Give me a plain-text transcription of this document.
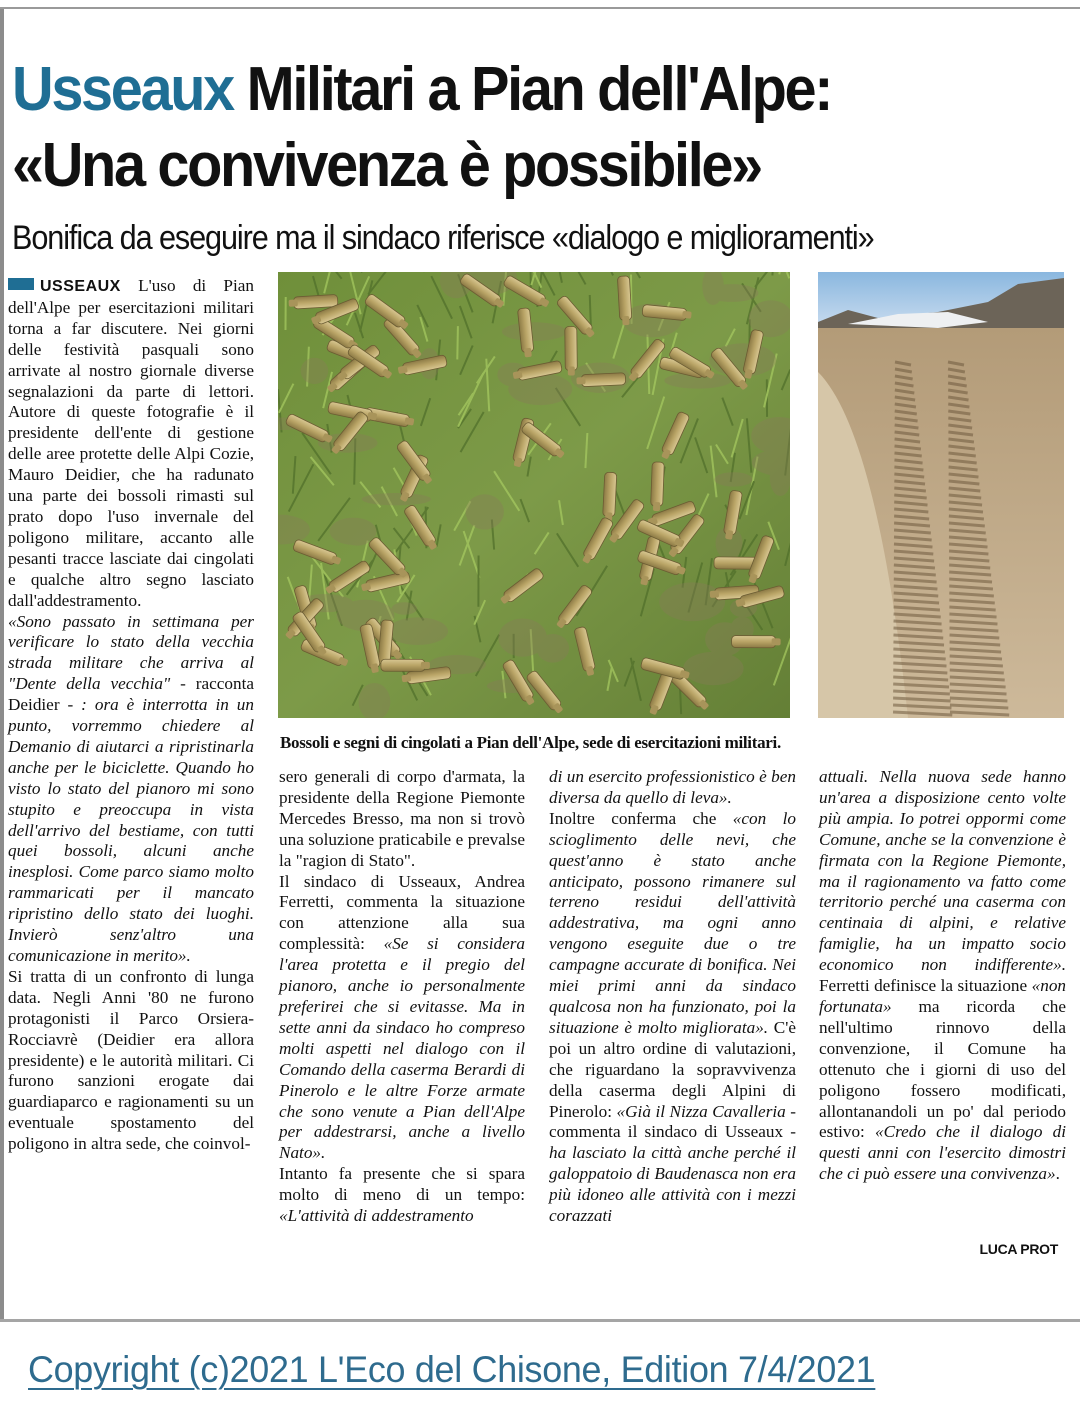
Usseaux Militari a Pian dell'Alpe:
«Una convivenza è possibile»
Bonifica da eseguire ma il sindaco riferisce «dialogo e miglioramenti»

USSEAUX L'uso di Pian dell'Alpe per esercitazioni militari torna a far discutere. Nei giorni delle festività pasquali sono arrivate al nostro giornale diverse segnalazioni da parte di lettori. Autore di queste fotografie è il presidente dell'ente di gestione delle aree protette delle Alpi Cozie, Mauro Deidier, che ha radunato una parte dei bossoli rimasti sul prato dopo l'uso invernale del poligono militare, accanto alle pesanti tracce lasciate dai cingolati e qualche altro segno lasciato dall'addestramento.

«Sono passato in settimana per verificare lo stato della vecchia strada militare che arriva al "Dente della vecchia" - racconta Deidier - : ora è interrotta in un punto, vorremmo chiedere al Demanio di aiutarci a ripristinarla anche per le biciclette. Quando ho visto lo stato del pianoro mi sono stupito e preoccupa in vista dell'arrivo del bestiame, con tutti quei bossoli, alcuni anche inesplosi. Come parco siamo molto rammaricati per il mancato ripristino dello stato dei luoghi. Invierò senz'altro una comunicazione in merito».

Si tratta di un confronto di lunga data. Negli Anni '80 ne furono protagonisti il Parco Orsiera-Rocciavrè (Deidier era allora presidente) e le autorità militari. Ci furono sanzioni erogate dai guardiaparco e ragionamenti su un eventuale spostamento del poligono in altra sede, che coinvol-

Bossoli e segni di cingolati a Pian dell'Alpe, sede di esercitazioni militari.

sero generali di corpo d'armata, la presidente della Regione Piemonte Mercedes Bresso, ma non si trovò una soluzione praticabile e prevalse la "ragion di Stato".

Il sindaco di Usseaux, Andrea Ferretti, commenta la situazione con attenzione alla sua complessità: «Se si considera l'area protetta e il pregio del pianoro, anche io personalmente preferirei che si evitasse. Ma in sette anni da sindaco ho compreso molti aspetti nel dialogo con il Comando della caserma Berardi di Pinerolo e le altre Forze armate che sono venute a Pian dell'Alpe per addestrarsi, anche a livello Nato».

Intanto fa presente che si spara molto di meno di un tempo: «L'attività di addestramento

di un esercito professionistico è ben diversa da quello di leva».

Inoltre conferma che «con lo scioglimento delle nevi, che quest'anno è stato anche anticipato, possono rimanere sul terreno residui dell'attività addestrativa, ma ogni anno vengono eseguite due o tre campagne accurate di bonifica. Nei miei primi anni da sindaco qualcosa non ha funzionato, poi la situazione è molto migliorata». C'è poi un altro ordine di valutazioni, che riguardano la sopravvivenza della caserma degli Alpini di Pinerolo: «Già il Nizza Cavalleria - commenta il sindaco di Usseaux - ha lasciato la città anche perché il galoppatoio di Baudenasca non era più idoneo alle attività con i mezzi corazzati

attuali. Nella nuova sede hanno un'area a disposizione cento volte più ampia. Io potrei oppormi come Comune, anche se la convenzione è firmata con la Regione Piemonte, ma il ragionamento va fatto come territorio perché una caserma con centinaia di alpini, e relative famiglie, ha un impatto socio economico non indifferente». Ferretti definisce la situazione «non fortunata» ma ricorda che nell'ultimo rinnovo della convenzione, il Comune ha ottenuto che i giorni di uso del poligono fossero modificati, allontanandoli un po' dal periodo estivo: «Credo che il dialogo di questi anni con l'esercito dimostri che ci può essere una convivenza».

LUCA PROT
Copyright (c)2021 L'Eco del Chisone, Edition 7/4/2021
